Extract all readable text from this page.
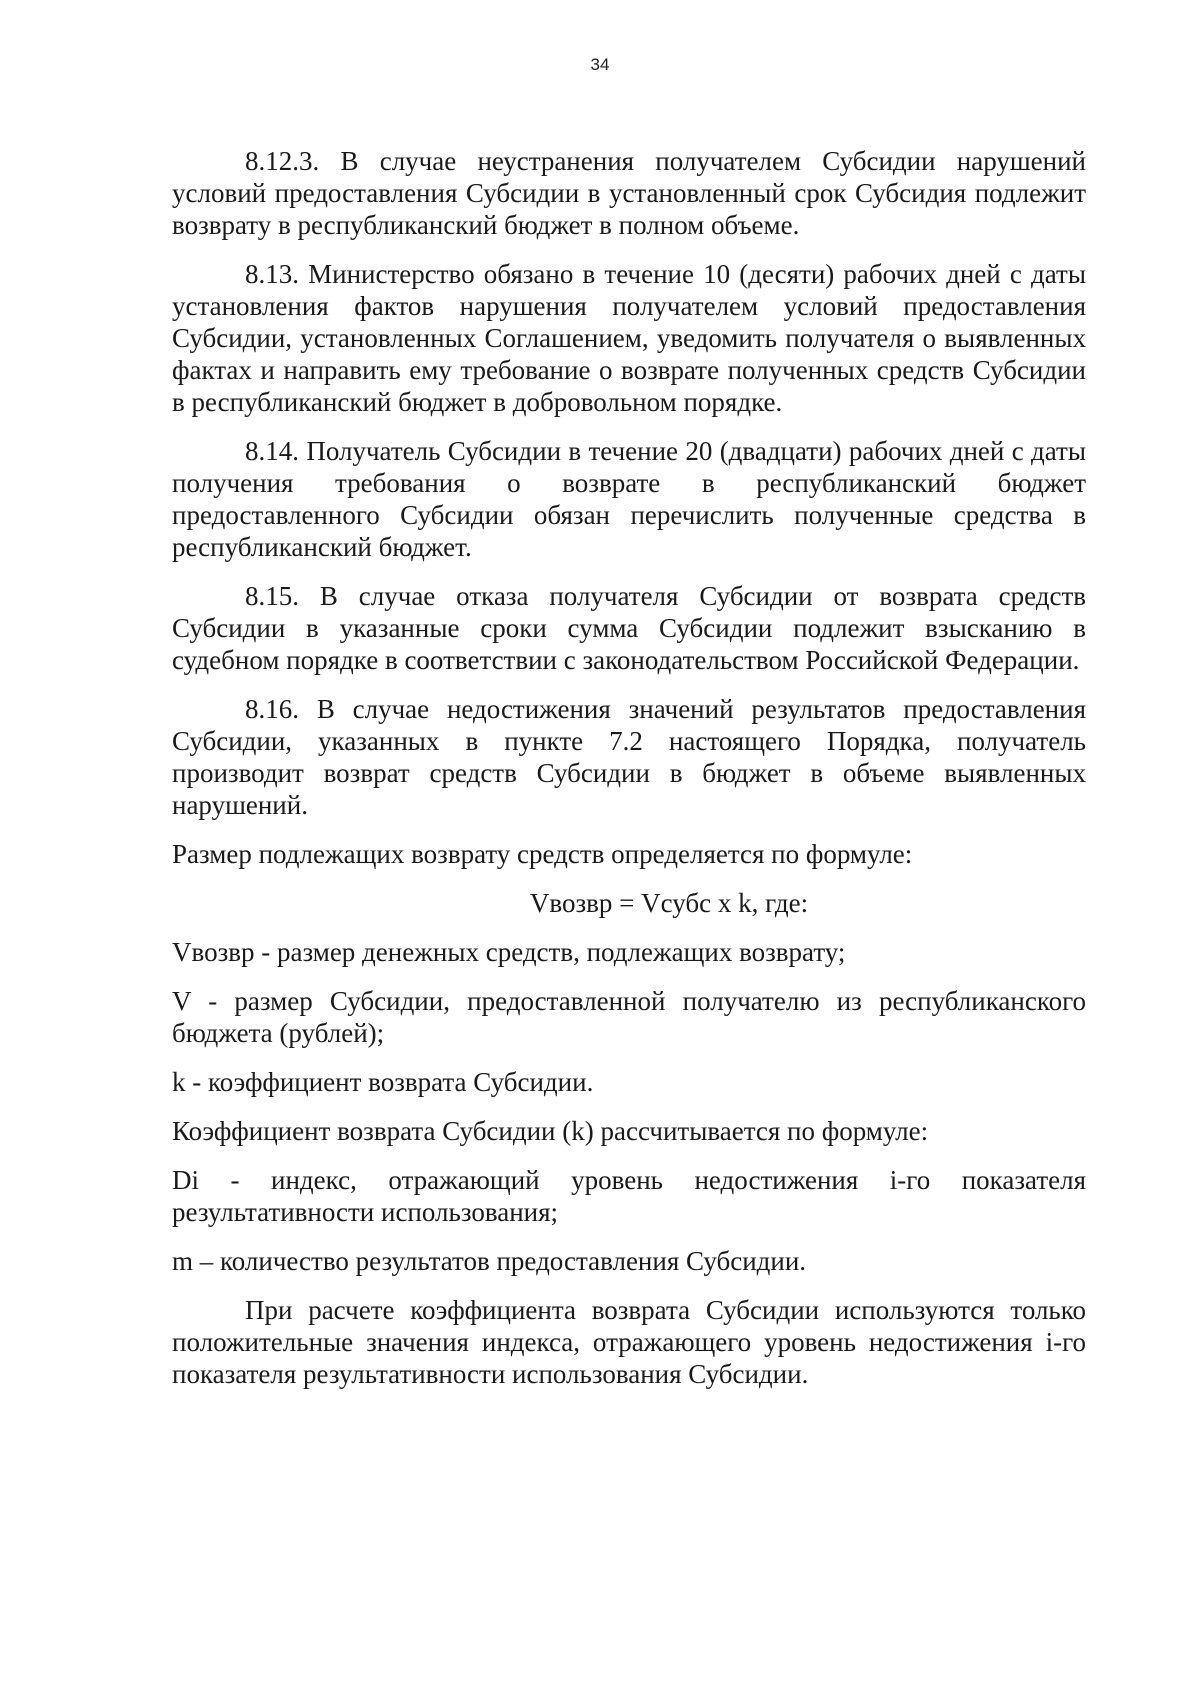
34

8.12.3. В случае неустранения получателем Субсидии нарушений условий предоставления Субсидии в установленный срок Субсидия подлежит возврату в республиканский бюджет в полном объеме.

8.13. Министерство обязано в течение 10 (десяти) рабочих дней с даты установления фактов нарушения получателем условий предоставления Субсидии, установленных Соглашением, уведомить получателя о выявленных фактах и направить ему требование о возврате полученных средств Субсидии в республиканский бюджет в добровольном порядке.

8.14. Получатель Субсидии в течение 20 (двадцати) рабочих дней с даты получения требования о возврате в республиканский бюджет предоставленного Субсидии обязан перечислить полученные средства в республиканский бюджет.

8.15. В случае отказа получателя Субсидии от возврата средств Субсидии в указанные сроки сумма Субсидии подлежит взысканию в судебном порядке в соответствии с законодательством Российской Федерации.

8.16. В случае недостижения значений результатов предоставления Субсидии, указанных в пункте 7.2 настоящего Порядка, получатель производит возврат средств Субсидии в бюджет в объеме выявленных нарушений.

Размер подлежащих возврату средств определяется по формуле:

Vвозвр = Vсубс x k, где:

Vвозвр - размер денежных средств, подлежащих возврату;

V - размер Субсидии, предоставленной получателю из республиканского бюджета (рублей);

k - коэффициент возврата Субсидии.

Коэффициент возврата Субсидии (k) рассчитывается по формуле:

Di - индекс, отражающий уровень недостижения i-го показателя результативности использования;

m – количество результатов предоставления Субсидии.

При расчете коэффициента возврата Субсидии используются только положительные значения индекса, отражающего уровень недостижения i-го показателя результативности использования Субсидии.
